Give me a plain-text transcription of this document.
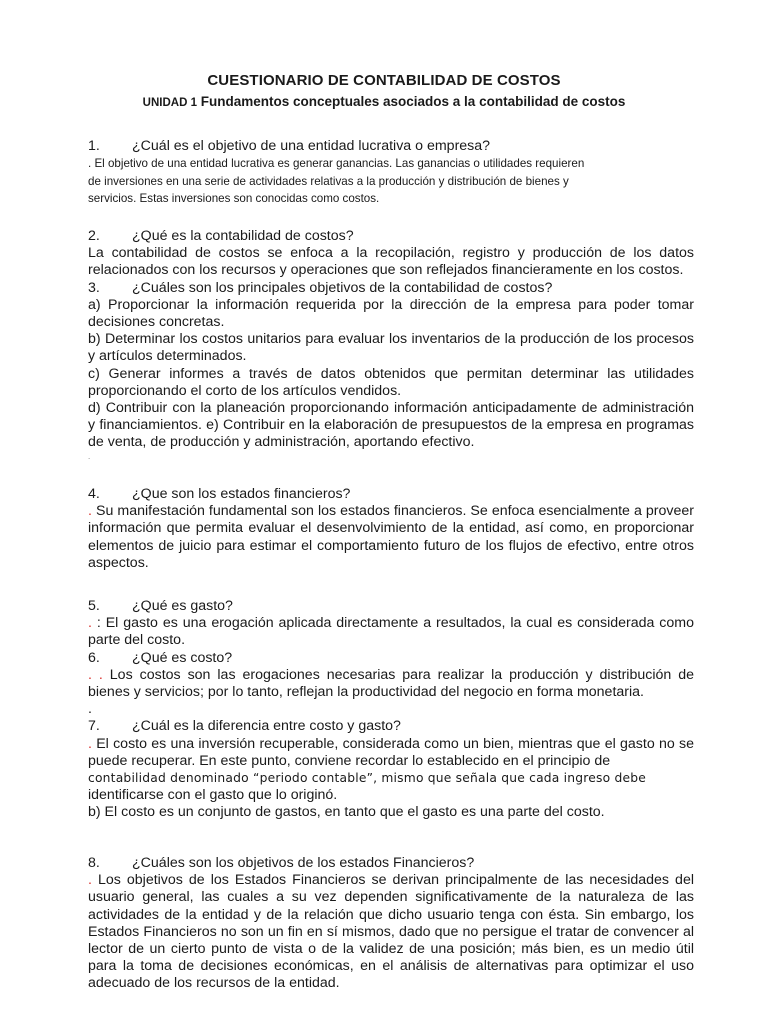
CUESTIONARIO DE CONTABILIDAD DE COSTOS
UNIDAD 1 Fundamentos conceptuales asociados a la contabilidad de costos
1. ¿Cuál es el objetivo de una entidad lucrativa o empresa?
. El objetivo de una entidad lucrativa es generar ganancias. Las ganancias o utilidades requieren
de inversiones en una serie de actividades relativas a la producción y distribución de bienes y
servicios. Estas inversiones son conocidas como costos.
2. ¿Qué es la contabilidad de costos?
La contabilidad de costos se enfoca a la recopilación, registro y producción de los datos relacionados con los recursos y operaciones que son reflejados financieramente en los costos.
3. ¿Cuáles son los principales objetivos de la contabilidad de costos?
a) Proporcionar la información requerida por la dirección de la empresa para poder tomar decisiones concretas.
b) Determinar los costos unitarios para evaluar los inventarios de la producción de los procesos y artículos determinados.
c) Generar informes a través de datos obtenidos que permitan determinar las utilidades proporcionando el corto de los artículos vendidos.
d) Contribuir con la planeación proporcionando información anticipadamente de administración y financiamientos. e) Contribuir en la elaboración de presupuestos de la empresa en programas de venta, de producción y administración, aportando efectivo.
.
4. ¿Que son los estados financieros?
. Su manifestación fundamental son los estados financieros. Se enfoca esencialmente a proveer información que permita evaluar el desenvolvimiento de la entidad, así como, en proporcionar elementos de juicio para estimar el comportamiento futuro de los flujos de efectivo, entre otros aspectos.
5. ¿Qué es gasto?
. : El gasto es una erogación aplicada directamente a resultados, la cual es considerada como parte del costo.
6. ¿Qué es costo?
. . Los costos son las erogaciones necesarias para realizar la producción y distribución de bienes y servicios; por lo tanto, reflejan la productividad del negocio en forma monetaria.
.
7. ¿Cuál es la diferencia entre costo y gasto?
. El costo es una inversión recuperable, considerada como un bien, mientras que el gasto no se puede recuperar. En este punto, conviene recordar lo establecido en el principio de
contabilidad denominado “periodo contable”, mismo que señala que cada ingreso debe
identificarse con el gasto que lo originó.
b) El costo es un conjunto de gastos, en tanto que el gasto es una parte del costo.
8. ¿Cuáles son los objetivos de los estados Financieros?
. Los objetivos de los Estados Financieros se derivan principalmente de las necesidades del usuario general, las cuales a su vez dependen significativamente de la naturaleza de las actividades de la entidad y de la relación que dicho usuario tenga con ésta. Sin embargo, los Estados Financieros no son un fin en sí mismos, dado que no persigue el tratar de convencer al lector de un cierto punto de vista o de la validez de una posición; más bien, es un medio útil para la toma de decisiones económicas, en el análisis de alternativas para optimizar el uso adecuado de los recursos de la entidad.
